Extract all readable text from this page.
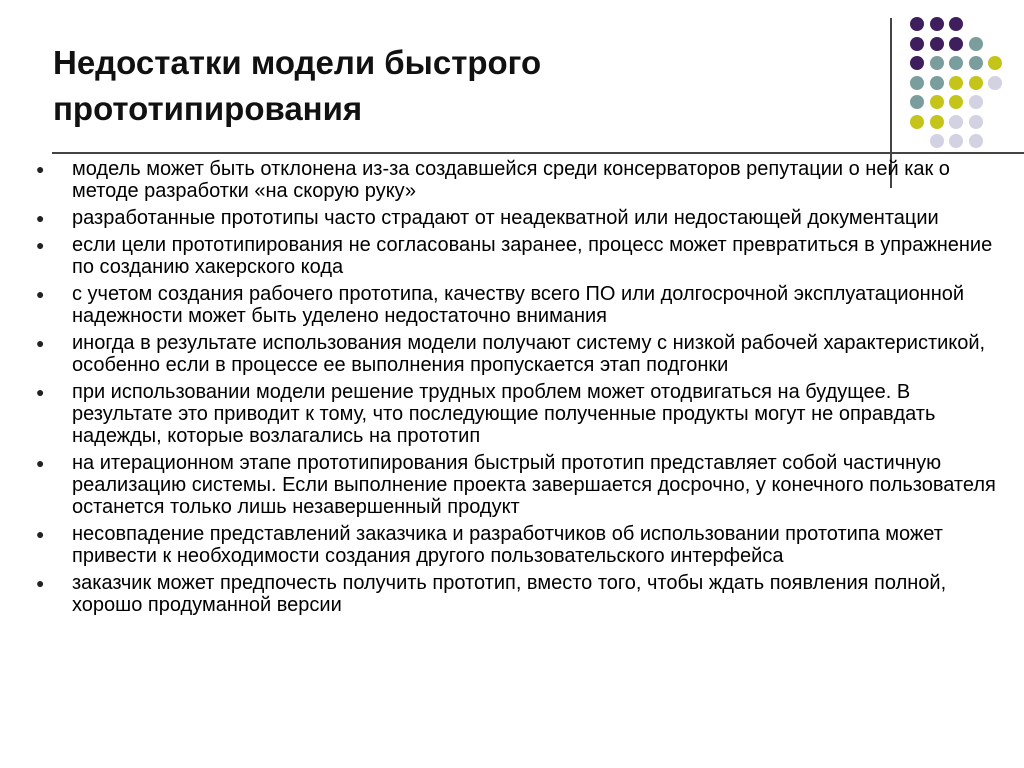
Недостатки модели быстрого
прототипирования
● модель может быть отклонена из-за создавшейся среди консерваторов репутации о ней как о методе разработки «на скорую руку»
● разработанные прототипы часто страдают от неадекватной или недостающей документации
● если цели прототипирования не согласованы заранее, процесс может превратиться в упражнение по созданию хакерского кода
● с учетом создания рабочего прототипа, качеству всего ПО или долгосрочной эксплуатационной надежности может быть уделено недостаточно внимания
● иногда в результате использования модели получают систему с низкой рабочей характеристикой, особенно если в процессе ее выполнения пропускается этап подгонки
● при использовании модели решение трудных проблем может отодвигаться на будущее. В результате это приводит к тому, что последующие полученные продукты могут не оправдать надежды, которые возлагались на прототип
● на итерационном этапе прототипирования быстрый прототип представляет собой частичную реализацию системы. Если выполнение проекта завершается досрочно, у конечного пользователя останется только лишь незавершенный продукт
● несовпадение представлений заказчика и разработчиков об использовании прототипа может привести к необходимости создания другого пользовательского интерфейса
● заказчик может предпочесть получить прототип, вместо того, чтобы ждать появления полной, хорошо продуманной версии
